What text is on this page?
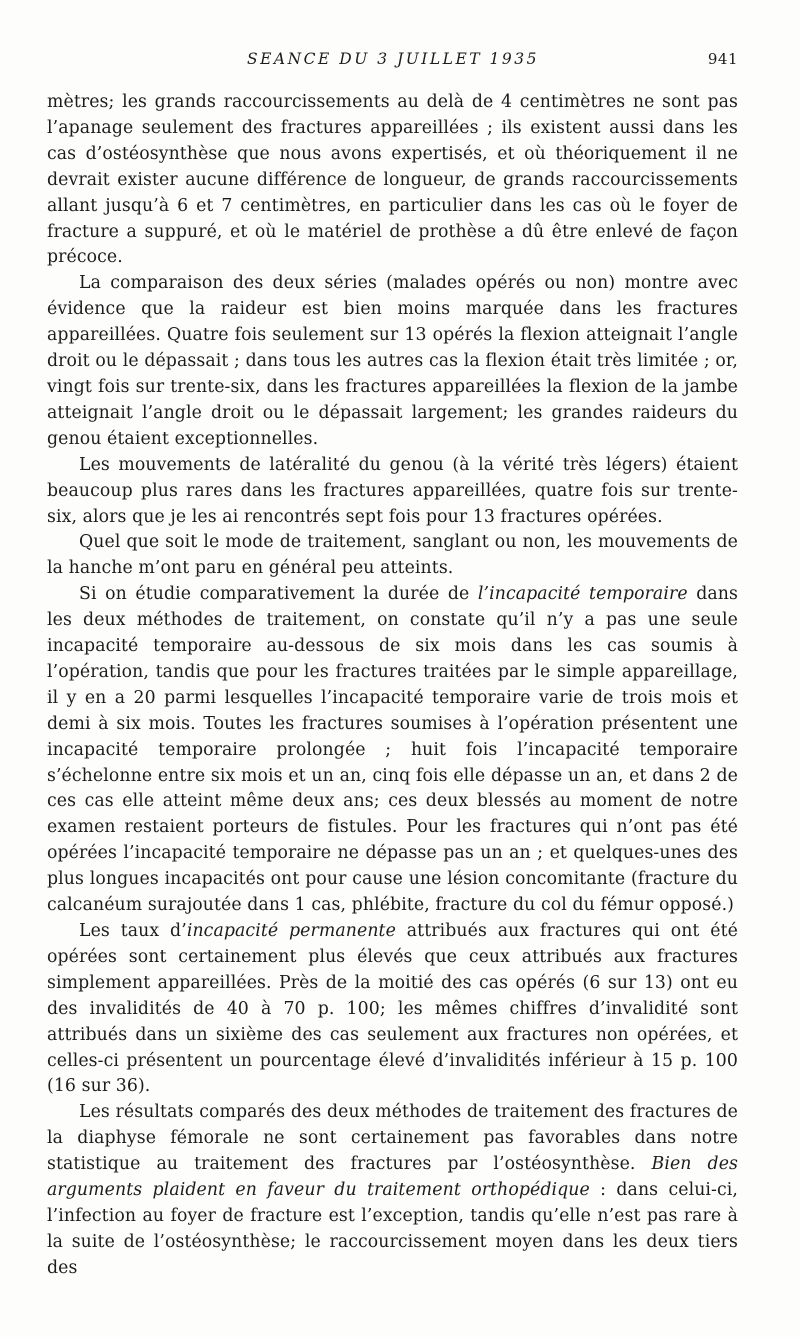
SEANCE DU 3 JUILLET 1935	941

mètres; les grands raccourcissements au delà de 4 centimètres ne sont pas l’apanage seulement des fractures appareillées ; ils existent aussi dans les cas d’ostéosynthèse que nous avons expertisés, et où théoriquement il ne devrait exister aucune différence de longueur, de grands raccourcissements allant jusqu’à 6 et 7 centimètres, en particulier dans les cas où le foyer de fracture a suppuré, et où le matériel de prothèse a dû être enlevé de façon précoce.

La comparaison des deux séries (malades opérés ou non) montre avec évidence que la raideur est bien moins marquée dans les fractures appareillées. Quatre fois seulement sur 13 opérés la flexion atteignait l’angle droit ou le dépassait ; dans tous les autres cas la flexion était très limitée ; or, vingt fois sur trente-six, dans les fractures appareillées la flexion de la jambe atteignait l’angle droit ou le dépassait largement; les grandes raideurs du genou étaient exceptionnelles.

Les mouvements de latéralité du genou (à la vérité très légers) étaient beaucoup plus rares dans les fractures appareillées, quatre fois sur trente-six, alors que je les ai rencontrés sept fois pour 13 fractures opérées.

Quel que soit le mode de traitement, sanglant ou non, les mouvements de la hanche m’ont paru en général peu atteints.

Si on étudie comparativement la durée de l’incapacité temporaire dans les deux méthodes de traitement, on constate qu’il n’y a pas une seule incapacité temporaire au-dessous de six mois dans les cas soumis à l’opération, tandis que pour les fractures traitées par le simple appareillage, il y en a 20 parmi lesquelles l’incapacité temporaire varie de trois mois et demi à six mois. Toutes les fractures soumises à l’opération présentent une incapacité temporaire prolongée ; huit fois l’incapacité temporaire s’échelonne entre six mois et un an, cinq fois elle dépasse un an, et dans 2 de ces cas elle atteint même deux ans; ces deux blessés au moment de notre examen restaient porteurs de fistules. Pour les fractures qui n’ont pas été opérées l’incapacité temporaire ne dépasse pas un an ; et quelques-unes des plus longues incapacités ont pour cause une lésion concomitante (fracture du calcanéum surajoutée dans 1 cas, phlébite, fracture du col du fémur opposé.)

Les taux d’incapacité permanente attribués aux fractures qui ont été opérées sont certainement plus élevés que ceux attribués aux fractures simplement appareillées. Près de la moitié des cas opérés (6 sur 13) ont eu des invalidités de 40 à 70 p. 100; les mêmes chiffres d’invalidité sont attribués dans un sixième des cas seulement aux fractures non opérées, et celles-ci présentent un pourcentage élevé d’invalidités inférieur à 15 p. 100 (16 sur 36).

Les résultats comparés des deux méthodes de traitement des fractures de la diaphyse fémorale ne sont certainement pas favorables dans notre statistique au traitement des fractures par l’ostéosynthèse. Bien des arguments plaident en faveur du traitement orthopédique : dans celui-ci, l’infection au foyer de fracture est l’exception, tandis qu’elle n’est pas rare à la suite de l’ostéosynthèse; le raccourcissement moyen dans les deux tiers des
